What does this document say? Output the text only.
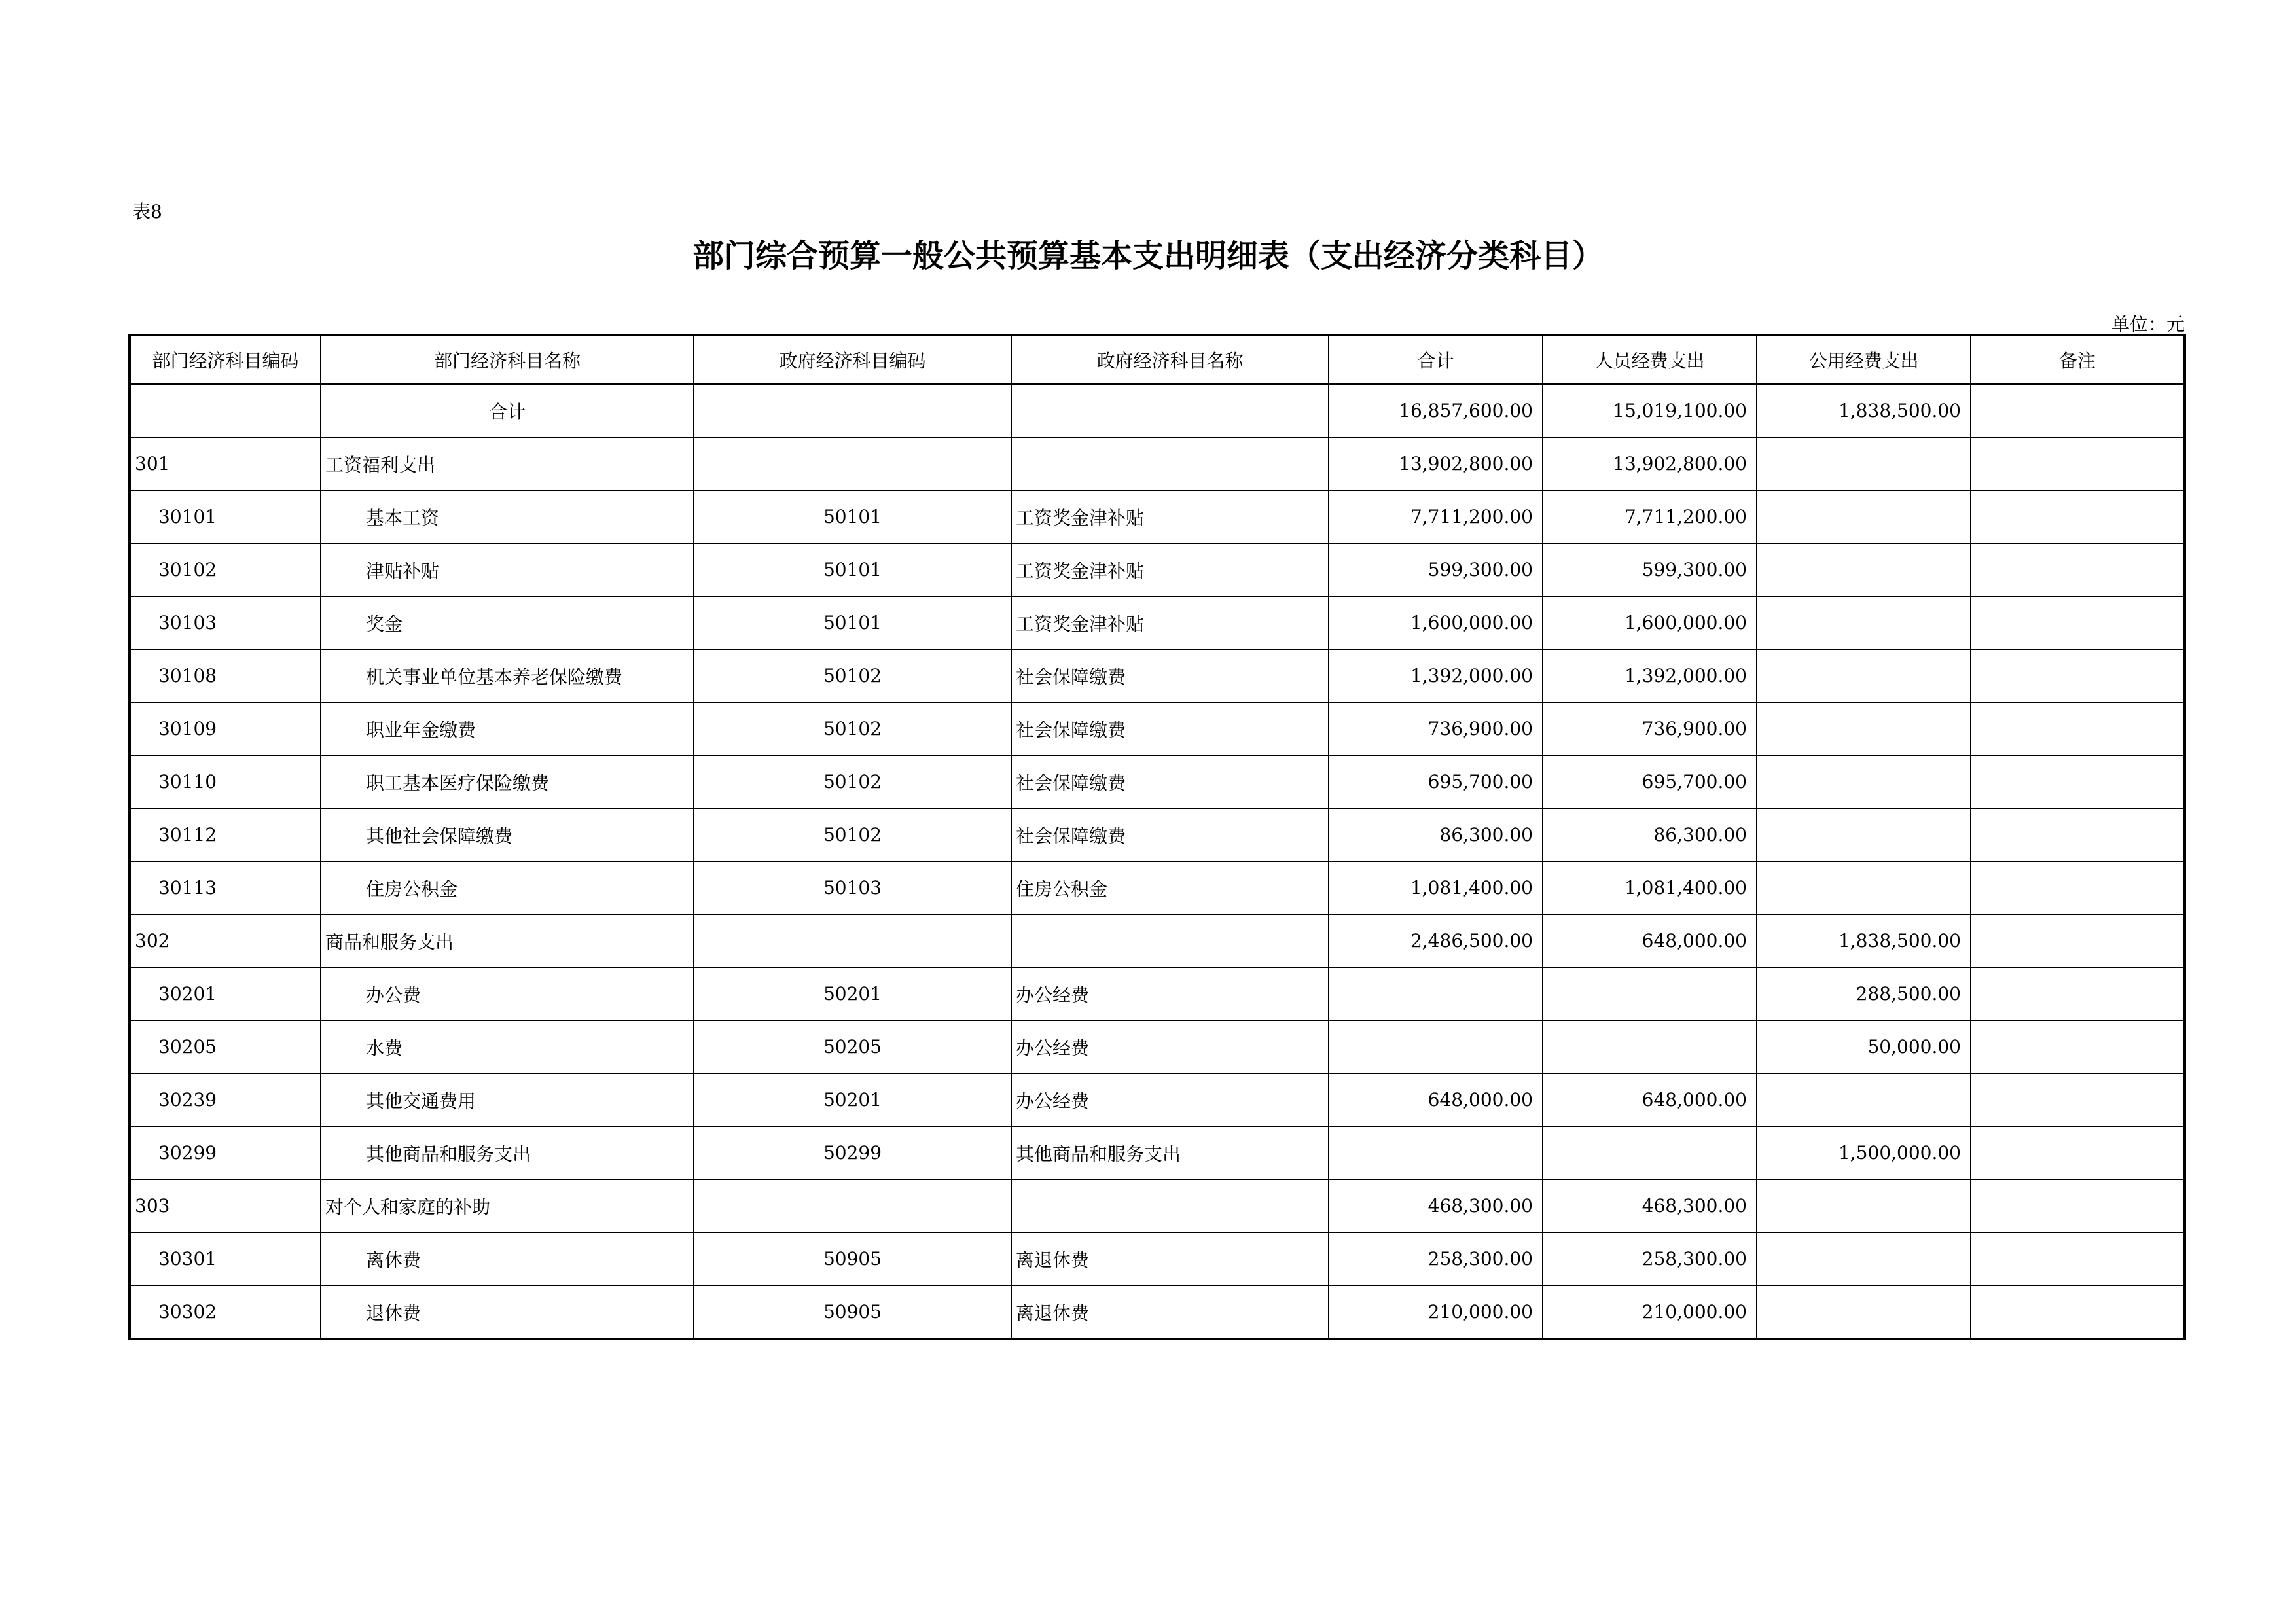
表8
部门综合预算一般公共预算基本支出明细表（支出经济分类科目）
单位：元
部门经济科目编码	部门经济科目名称	政府经济科目编码	政府经济科目名称	合计	人员经费支出	公用经费支出	备注
	合计			16,857,600.00	15,019,100.00	1,838,500.00	
301	工资福利支出			13,902,800.00	13,902,800.00		
30101	基本工资	50101	工资奖金津补贴	7,711,200.00	7,711,200.00		
30102	津贴补贴	50101	工资奖金津补贴	599,300.00	599,300.00		
30103	奖金	50101	工资奖金津补贴	1,600,000.00	1,600,000.00		
30108	机关事业单位基本养老保险缴费	50102	社会保障缴费	1,392,000.00	1,392,000.00		
30109	职业年金缴费	50102	社会保障缴费	736,900.00	736,900.00		
30110	职工基本医疗保险缴费	50102	社会保障缴费	695,700.00	695,700.00		
30112	其他社会保障缴费	50102	社会保障缴费	86,300.00	86,300.00		
30113	住房公积金	50103	住房公积金	1,081,400.00	1,081,400.00		
302	商品和服务支出			2,486,500.00	648,000.00	1,838,500.00	
30201	办公费	50201	办公经费			288,500.00	
30205	水费	50205	办公经费			50,000.00	
30239	其他交通费用	50201	办公经费	648,000.00	648,000.00		
30299	其他商品和服务支出	50299	其他商品和服务支出			1,500,000.00	
303	对个人和家庭的补助			468,300.00	468,300.00		
30301	离休费	50905	离退休费	258,300.00	258,300.00		
30302	退休费	50905	离退休费	210,000.00	210,000.00		
